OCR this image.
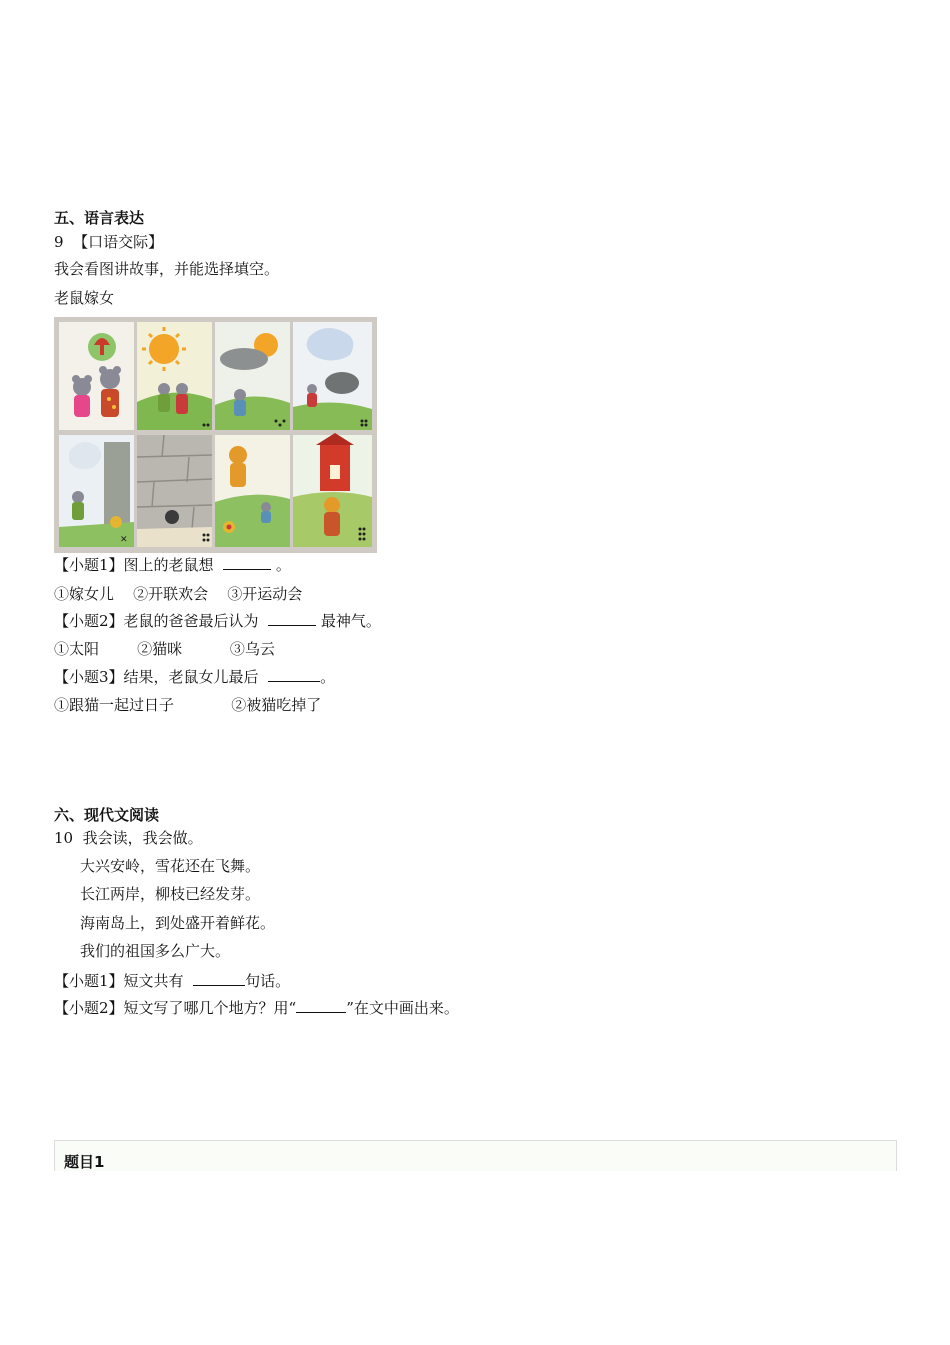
五、语言表达
9 【口语交际】
我会看图讲故事，并能选择填空。
老鼠嫁女
✕
【小题1】图上的老鼠想	。
①嫁女儿 ②开联欢会 ③开运动会
【小题2】老鼠的爸爸最后认为	最神气。
①太阳	②猫咪	③乌云
【小题3】结果，老鼠女儿最后	。
①跟猫一起过日子	②被猫吃掉了
六、现代文阅读
10 我会读，我会做。
大兴安岭，雪花还在飞舞。
长江两岸，柳枝已经发芽。
海南岛上，到处盛开着鲜花。
我们的祖国多么广大。
【小题1】短文共有	句话。
【小题2】短文写了哪几个地方？用“	”在文中画出来。
题目1
